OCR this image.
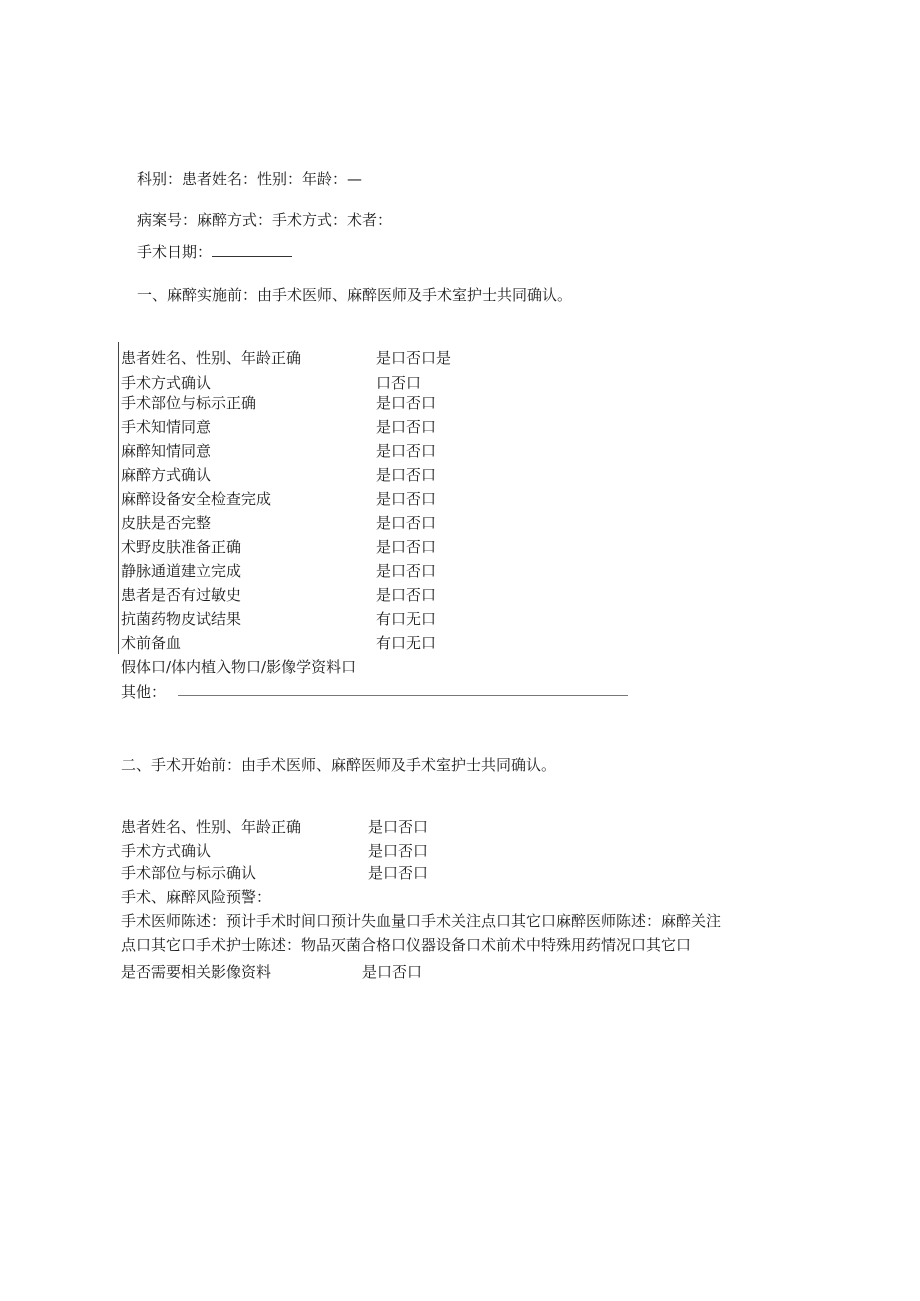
科别：患者姓名：性别：年龄：—
病案号：麻醉方式：手术方式：术者：
手术日期：
一、麻醉实施前：由手术医师、麻醉医师及手术室护士共同确认。
患者姓名、性别、年龄正确	是口否口是
手术方式确认	口否口
手术部位与标示正确	是口否口
手术知情同意	是口否口
麻醉知情同意	是口否口
麻醉方式确认	是口否口
麻醉设备安全检查完成	是口否口
皮肤是否完整	是口否口
术野皮肤准备正确	是口否口
静脉通道建立完成	是口否口
患者是否有过敏史	是口否口
抗菌药物皮试结果	有口无口
术前备血	有口无口
假体口/体内植入物口/影像学资料口
其他：
二、手术开始前：由手术医师、麻醉医师及手术室护士共同确认。
患者姓名、性别、年龄正确	是口否口
手术方式确认	是口否口
手术部位与标示确认	是口否口
手术、麻醉风险预警：
手术医师陈述：预计手术时间口预计失血量口手术关注点口其它口麻醉医师陈述：麻醉关注
点口其它口手术护士陈述：物品灭菌合格口仪器设备口术前术中特殊用药情况口其它口
是否需要相关影像资料	是口否口
